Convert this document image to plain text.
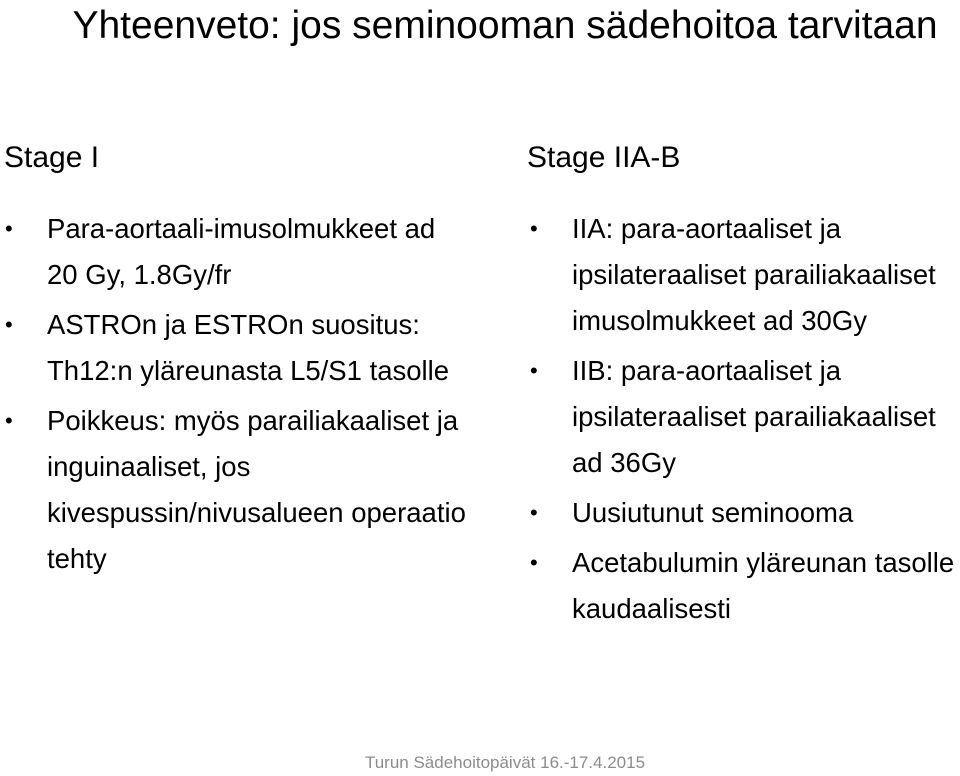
Yhteenveto: jos seminooman sädehoitoa tarvitaan
Stage I	Stage IIA-B
•	Para-aortaali-imusolmukkeet ad 20 Gy, 1.8Gy/fr
•	ASTROn ja ESTROn suositus: Th12:n yläreunasta L5/S1 tasolle
•	Poikkeus: myös parailiakaaliset ja inguinaaliset, jos kivespussin/nivusalueen operaatio tehty
•	IIA: para-aortaaliset ja ipsilateraaliset parailiakaaliset imusolmukkeet ad 30Gy
•	IIB: para-aortaaliset ja ipsilateraaliset parailiakaaliset ad 36Gy
•	Uusiutunut seminooma
•	Acetabulumin yläreunan tasolle kaudaalisesti
Turun Sädehoitopäivät 16.-17.4.2015
